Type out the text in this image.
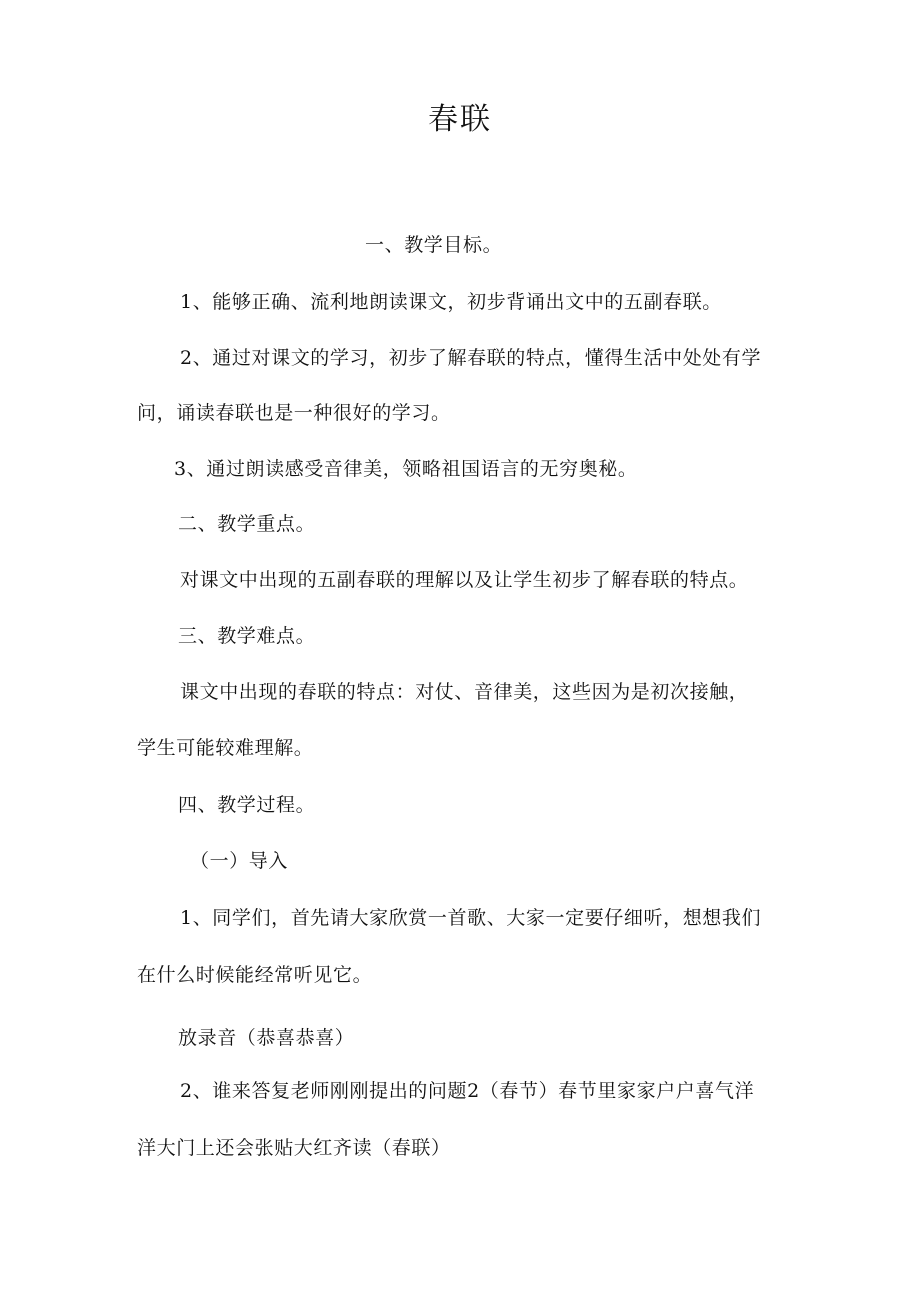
春联
一、教学目标。
1、能够正确、流利地朗读课文，初步背诵出文中的五副春联。
2、通过对课文的学习，初步了解春联的特点，懂得生活中处处有学
问，诵读春联也是一种很好的学习。
3、通过朗读感受音律美，领略祖国语言的无穷奥秘。
二、教学重点。
对课文中出现的五副春联的理解以及让学生初步了解春联的特点。
三、教学难点。
课文中出现的春联的特点：对仗、音律美，这些因为是初次接触，
学生可能较难理解。
四、教学过程。
（一）导入
1、同学们，首先请大家欣赏一首歌、大家一定要仔细听，想想我们
在什么时候能经常听见它。
放录音（恭喜恭喜）
2、谁来答复老师刚刚提出的问题2（春节）春节里家家户户喜气洋
洋大门上还会张贴大红齐读（春联）
